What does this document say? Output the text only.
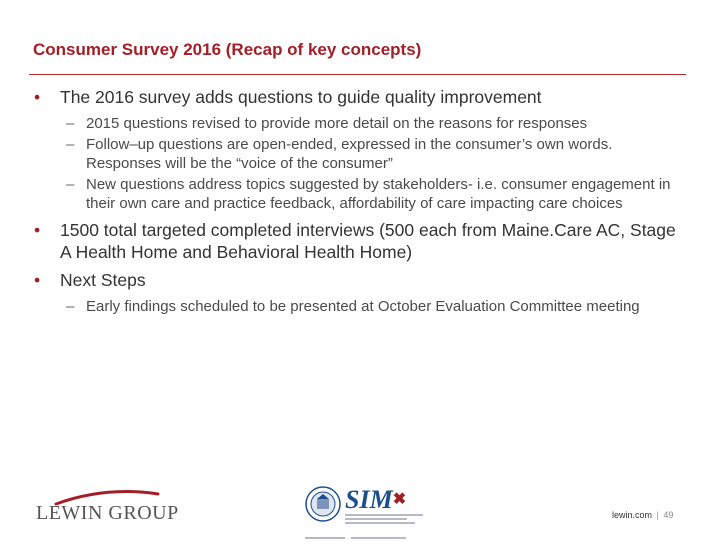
Consumer Survey 2016 (Recap of key concepts)
• The 2016 survey adds questions to guide quality improvement
– 2015 questions revised to provide more detail on the reasons for responses
– Follow–up questions are open-ended, expressed in the consumer’s own words. Responses will be the “voice of the consumer”
– New questions address topics suggested by stakeholders- i.e. consumer engagement in their own care and practice feedback, affordability of care impacting care choices
• 1500 total targeted completed interviews (500 each from Maine.Care AC, Stage A Health Home and Behavioral Health Home)
• Next Steps
– Early findings scheduled to be presented at October Evaluation Committee meeting
LEWIN GROUP	SIM✖
lewin.com | 49
